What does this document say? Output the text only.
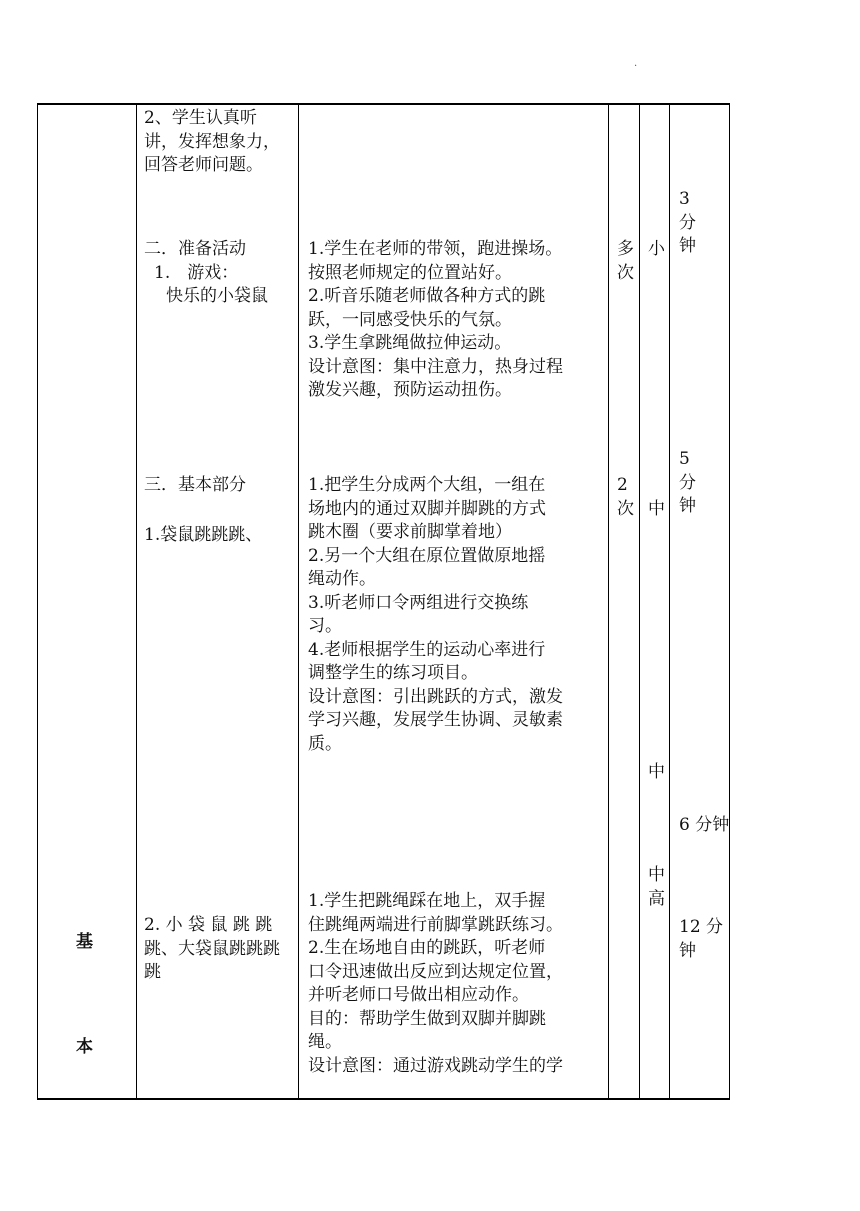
.
基
本
2、学生认真听
讲，发挥想象力，
回答老师问题。
二．准备活动
1.　游戏：
快乐的小袋鼠
三．基本部分
1.袋鼠跳跳跳、
2. 小 袋 鼠 跳 跳
跳、大袋鼠跳跳跳
跳
1.学生在老师的带领，跑进操场。
按照老师规定的位置站好。
2.听音乐随老师做各种方式的跳
跃，一同感受快乐的气氛。
3.学生拿跳绳做拉伸运动。
设计意图：集中注意力，热身过程
激发兴趣，预防运动扭伤。
1.把学生分成两个大组，一组在
场地内的通过双脚并脚跳的方式
跳木圈（要求前脚掌着地）
2.另一个大组在原位置做原地摇
绳动作。
3.听老师口令两组进行交换练
习。
4.老师根据学生的运动心率进行
调整学生的练习项目。
设计意图：引出跳跃的方式，激发
学习兴趣，发展学生协调、灵敏素
质。
1.学生把跳绳踩在地上，双手握
住跳绳两端进行前脚掌跳跃练习。
2.生在场地自由的跳跃，听老师
口令迅速做出反应到达规定位置，
并听老师口号做出相应动作。
目的：帮助学生做到双脚并脚跳
绳。
设计意图：通过游戏跳动学生的学
多
次
2
次
小
中
中
中
高
3
分
钟
5
分
钟
6 分钟
12 分
钟
